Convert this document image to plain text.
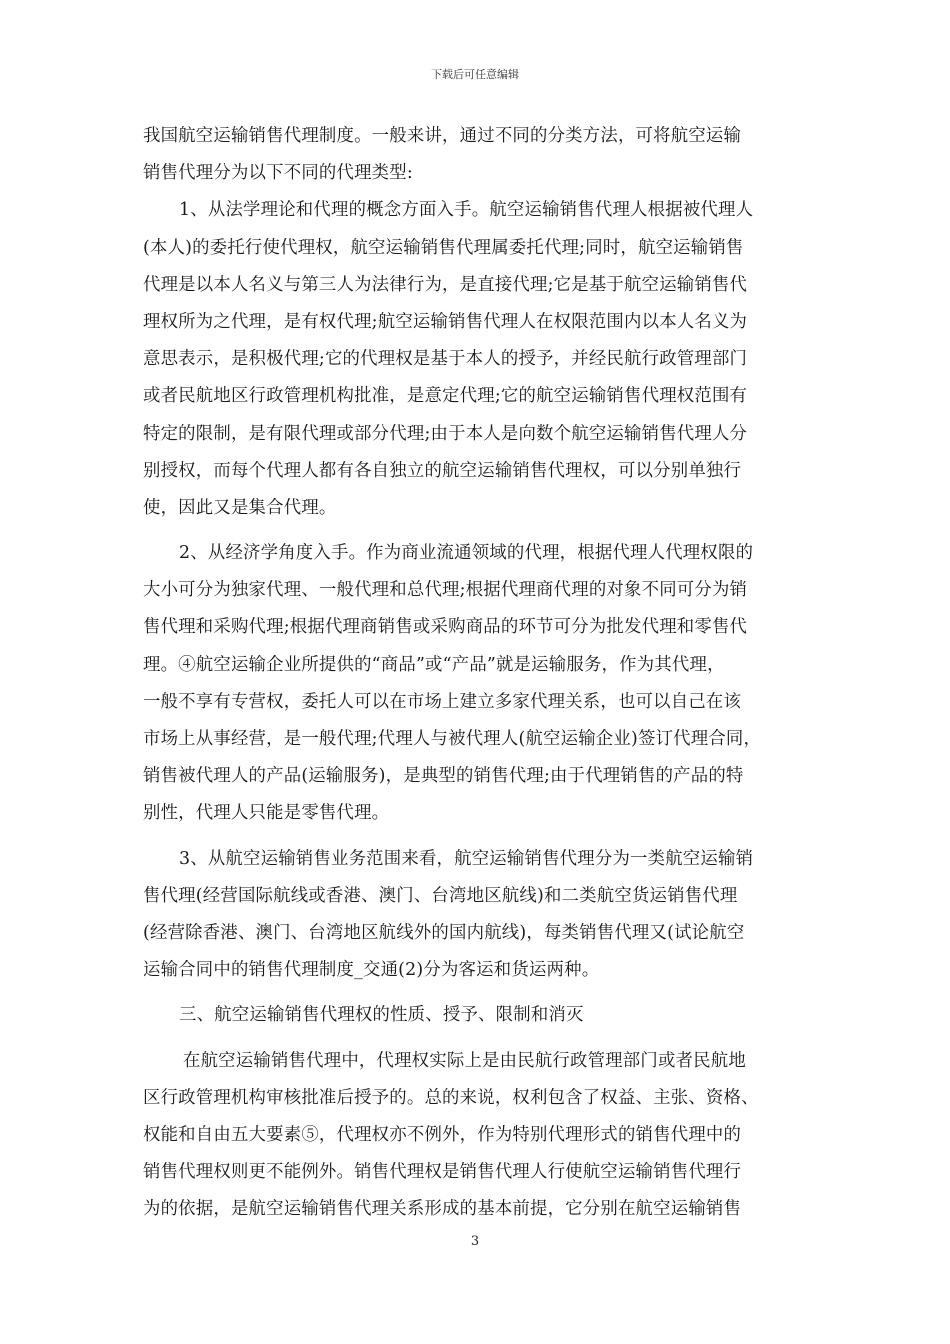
下载后可任意编辑
我国航空运输销售代理制度。一般来讲，通过不同的分类方法，可将航空运输
销售代理分为以下不同的代理类型:
1、从法学理论和代理的概念方面入手。航空运输销售代理人根据被代理人
(本人)的委托行使代理权，航空运输销售代理属委托代理;同时，航空运输销售
代理是以本人名义与第三人为法律行为，是直接代理;它是基于航空运输销售代
理权所为之代理，是有权代理;航空运输销售代理人在权限范围内以本人名义为
意思表示，是积极代理;它的代理权是基于本人的授予，并经民航行政管理部门
或者民航地区行政管理机构批准，是意定代理;它的航空运输销售代理权范围有
特定的限制，是有限代理或部分代理;由于本人是向数个航空运输销售代理人分
别授权，而每个代理人都有各自独立的航空运输销售代理权，可以分别单独行
使，因此又是集合代理。
2、从经济学角度入手。作为商业流通领域的代理，根据代理人代理权限的
大小可分为独家代理、一般代理和总代理;根据代理商代理的对象不同可分为销
售代理和采购代理;根据代理商销售或采购商品的环节可分为批发代理和零售代
理。④航空运输企业所提供的“商品”或“产品”就是运输服务，作为其代理，
一般不享有专营权，委托人可以在市场上建立多家代理关系，也可以自己在该
市场上从事经营，是一般代理;代理人与被代理人(航空运输企业)签订代理合同，
销售被代理人的产品(运输服务)，是典型的销售代理;由于代理销售的产品的特
别性，代理人只能是零售代理。
3、从航空运输销售业务范围来看，航空运输销售代理分为一类航空运输销
售代理(经营国际航线或香港、澳门、台湾地区航线)和二类航空货运销售代理
(经营除香港、澳门、台湾地区航线外的国内航线)，每类销售代理又(试论航空
运输合同中的销售代理制度_交通(2)分为客运和货运两种。
三、航空运输销售代理权的性质、授予、限制和消灭
在航空运输销售代理中，代理权实际上是由民航行政管理部门或者民航地
区行政管理机构审核批准后授予的。总的来说，权利包含了权益、主张、资格、
权能和自由五大要素⑤，代理权亦不例外，作为特别代理形式的销售代理中的
销售代理权则更不能例外。销售代理权是销售代理人行使航空运输销售代理行
为的依据，是航空运输销售代理关系形成的基本前提，它分别在航空运输销售
3
